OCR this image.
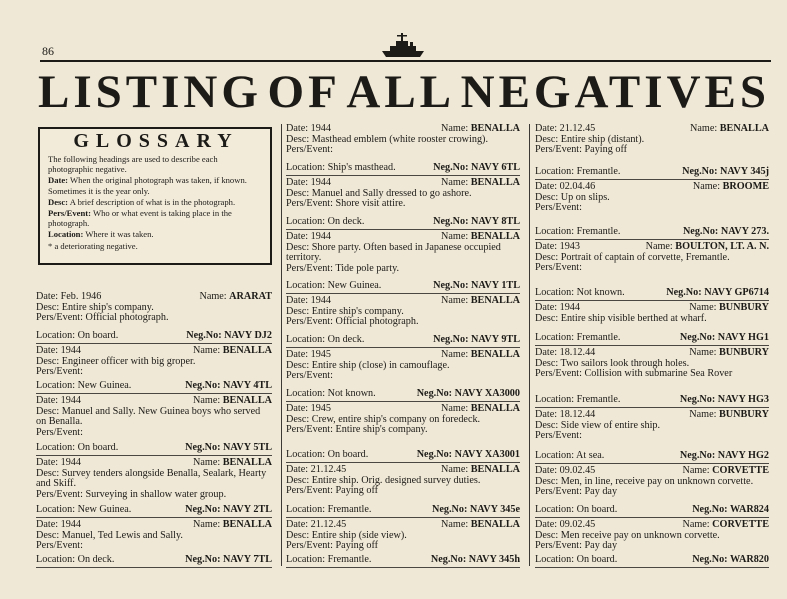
86
LISTING OF ALL NEGATIVES
GLOSSARY

The following headings are used to describe each photographic negative.

Date: When the original photograph was taken, if known. Sometimes it is the year only.

Desc: A brief description of what is in the photograph.

Pers/Event: Who or what event is taking place in the photograph.

Location: Where it was taken.

* a deteriorating negative.

Date: Feb. 1946	Name: ARARAT
Desc: Entire ship's company.
Pers/Event: Official photograph.
Location: On board.	Neg.No: NAVY DJ2
Date: 1944	Name: BENALLA
Desc: Engineer officer with big groper.
Pers/Event:
Location: New Guinea.	Neg.No: NAVY 4TL
Date: 1944	Name: BENALLA
Desc: Manuel and Sally. New Guinea boys who served on Benalla.
Pers/Event:
Location: On board.	Neg.No: NAVY 5TL
Date: 1944	Name: BENALLA
Desc: Survey tenders alongside Benalla, Sealark, Hearty and Skiff.
Pers/Event: Surveying in shallow water group.
Location: New Guinea.	Neg.No: NAVY 2TL
Date: 1944	Name: BENALLA
Desc: Manuel, Ted Lewis and Sally.
Pers/Event:
Location: On deck.	Neg.No: NAVY 7TL
Date: 1944	Name: BENALLA
Desc: Masthead emblem (white rooster crowing).
Pers/Event:
Location: Ship's masthead.	Neg.No: NAVY 6TL
Date: 1944	Name: BENALLA
Desc: Manuel and Sally dressed to go ashore.
Pers/Event: Shore visit attire.
Location: On deck.	Neg.No: NAVY 8TL
Date: 1944	Name: BENALLA
Desc: Shore party. Often based in Japanese occupied territory.
Pers/Event: Tide pole party.
Location: New Guinea.	Neg.No: NAVY 1TL
Date: 1944	Name: BENALLA
Desc: Entire ship's company.
Pers/Event: Official photograph.
Location: On deck.	Neg.No: NAVY 9TL
Date: 1945	Name: BENALLA
Desc: Entire ship (close) in camouflage.
Pers/Event:
Location: Not known.	Neg.No: NAVY XA3000
Date: 1945	Name: BENALLA
Desc: Crew, entire ship's company on foredeck.
Pers/Event: Entire ship's company.
Location: On board.	Neg.No: NAVY XA3001
Date: 21.12.45	Name: BENALLA
Desc: Entire ship. Orig. designed survey duties.
Pers/Event: Paying off
Location: Fremantle.	Neg.No: NAVY 345e
Date: 21.12.45	Name: BENALLA
Desc: Entire ship (side view).
Pers/Event: Paying off
Location: Fremantle.	Neg.No: NAVY 345h
Date: 21.12.45	Name: BENALLA
Desc: Entire ship (distant).
Pers/Event: Paying off
Location: Fremantle.	Neg.No: NAVY 345j
Date: 02.04.46	Name: BROOME
Desc: Up on slips.
Pers/Event:
Location: Fremantle.	Neg.No: NAVY 273.
Date: 1943	Name: BOULTON, LT. A. N.
Desc: Portrait of captain of corvette, Fremantle.
Pers/Event:
Location: Not known.	Neg.No: NAVY GP6714
Date: 1944	Name: BUNBURY
Desc: Entire ship visible berthed at wharf.
Location: Fremantle.	Neg.No: NAVY HG1
Date: 18.12.44	Name: BUNBURY
Desc: Two sailors look through holes.
Pers/Event: Collision with submarine Sea Rover
Location: Fremantle.	Neg.No: NAVY HG3
Date: 18.12.44	Name: BUNBURY
Desc: Side view of entire ship.
Pers/Event:
Location: At sea.	Neg.No: NAVY HG2
Date: 09.02.45	Name: CORVETTE
Desc: Men, in line, receive pay on unknown corvette.
Pers/Event: Pay day
Location: On board.	Neg.No: WAR824
Date: 09.02.45	Name: CORVETTE
Desc: Men receive pay on unknown corvette.
Pers/Event: Pay day
Location: On board.	Neg.No: WAR820
